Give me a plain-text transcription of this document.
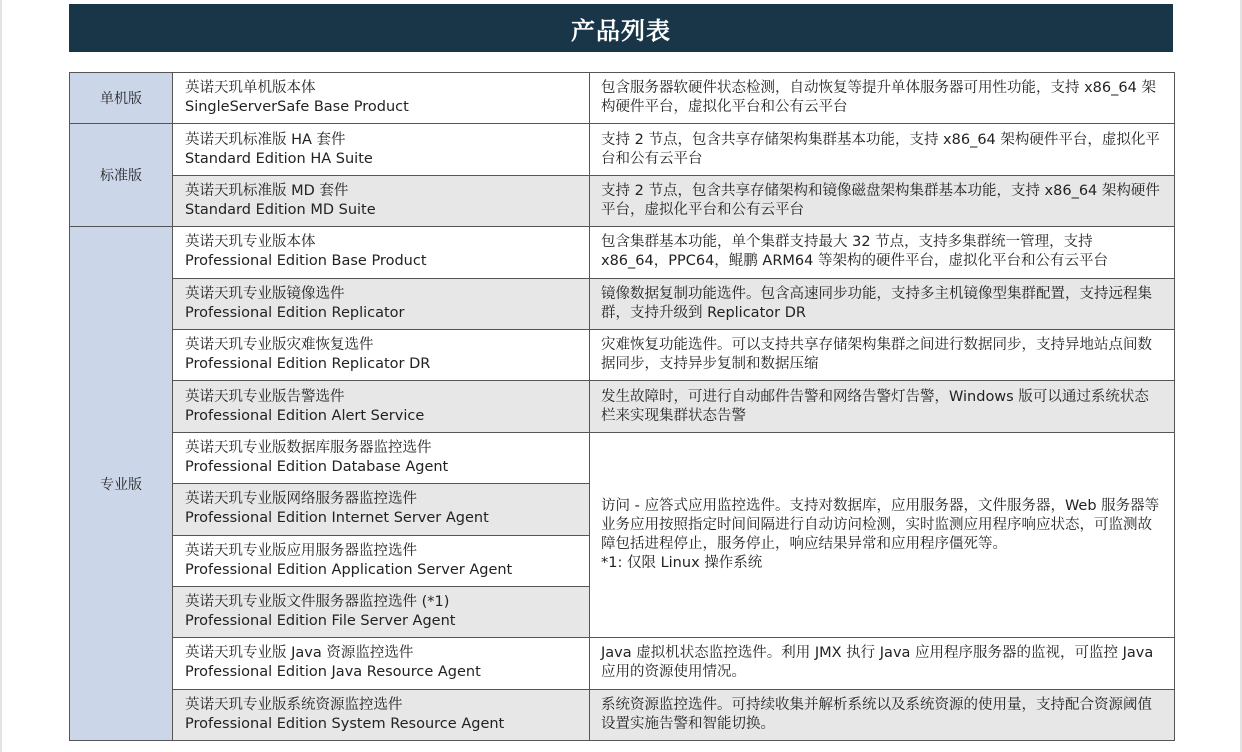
产品列表
单机版	英诺天玑单机版本体
SingleServerSafe Base Product	包含服务器软硬件状态检测，自动恢复等提升单体服务器可用性功能，支持 x86_64 架构硬件平台，虚拟化平台和公有云平台

标准版	英诺天玑标准版 HA 套件
Standard Edition HA Suite	支持 2 节点，包含共享存储架构集群基本功能，支持 x86_64 架构硬件平台，虚拟化平台和公有云平台

	英诺天玑标准版 MD 套件
Standard Edition MD Suite	支持 2 节点，包含共享存储架构和镜像磁盘架构集群基本功能，支持 x86_64 架构硬件平台，虚拟化平台和公有云平台

专业版	英诺天玑专业版本体
Professional Edition Base Product	包含集群基本功能，单个集群支持最大 32 节点，支持多集群统一管理，支持 x86_64，PPC64，鲲鹏 ARM64 等架构的硬件平台，虚拟化平台和公有云平台

	英诺天玑专业版镜像选件
Professional Edition Replicator	镜像数据复制功能选件。包含高速同步功能，支持多主机镜像型集群配置，支持远程集群，支持升级到 Replicator DR

	英诺天玑专业版灾难恢复选件
Professional Edition Replicator DR	灾难恢复功能选件。可以支持共享存储架构集群之间进行数据同步，支持异地站点间数据同步，支持异步复制和数据压缩

	英诺天玑专业版告警选件
Professional Edition Alert Service	发生故障时，可进行自动邮件告警和网络告警灯告警，Windows 版可以通过系统状态栏来实现集群状态告警

	英诺天玑专业版数据库服务器监控选件
Professional Edition Database Agent	访问 - 应答式应用监控选件。支持对数据库，应用服务器，文件服务器，Web 服务器等业务应用按照指定时间间隔进行自动访问检测，实时监测应用程序响应状态，可监测故障包括进程停止，服务停止，响应结果异常和应用程序僵死等。
*1: 仅限 Linux 操作系统

	英诺天玑专业版网络服务器监控选件
Professional Edition Internet Server Agent	

	英诺天玑专业版应用服务器监控选件
Professional Edition Application Server Agent	

	英诺天玑专业版文件服务器监控选件 (*1)
Professional Edition File Server Agent	

	英诺天玑专业版 Java 资源监控选件
Professional Edition Java Resource Agent	Java 虚拟机状态监控选件。利用 JMX 执行 Java 应用程序服务器的监视，可监控 Java 应用的资源使用情况。

	英诺天玑专业版系统资源监控选件
Professional Edition System Resource Agent	系统资源监控选件。可持续收集并解析系统以及系统资源的使用量，支持配合资源阈值设置实施告警和智能切换。
